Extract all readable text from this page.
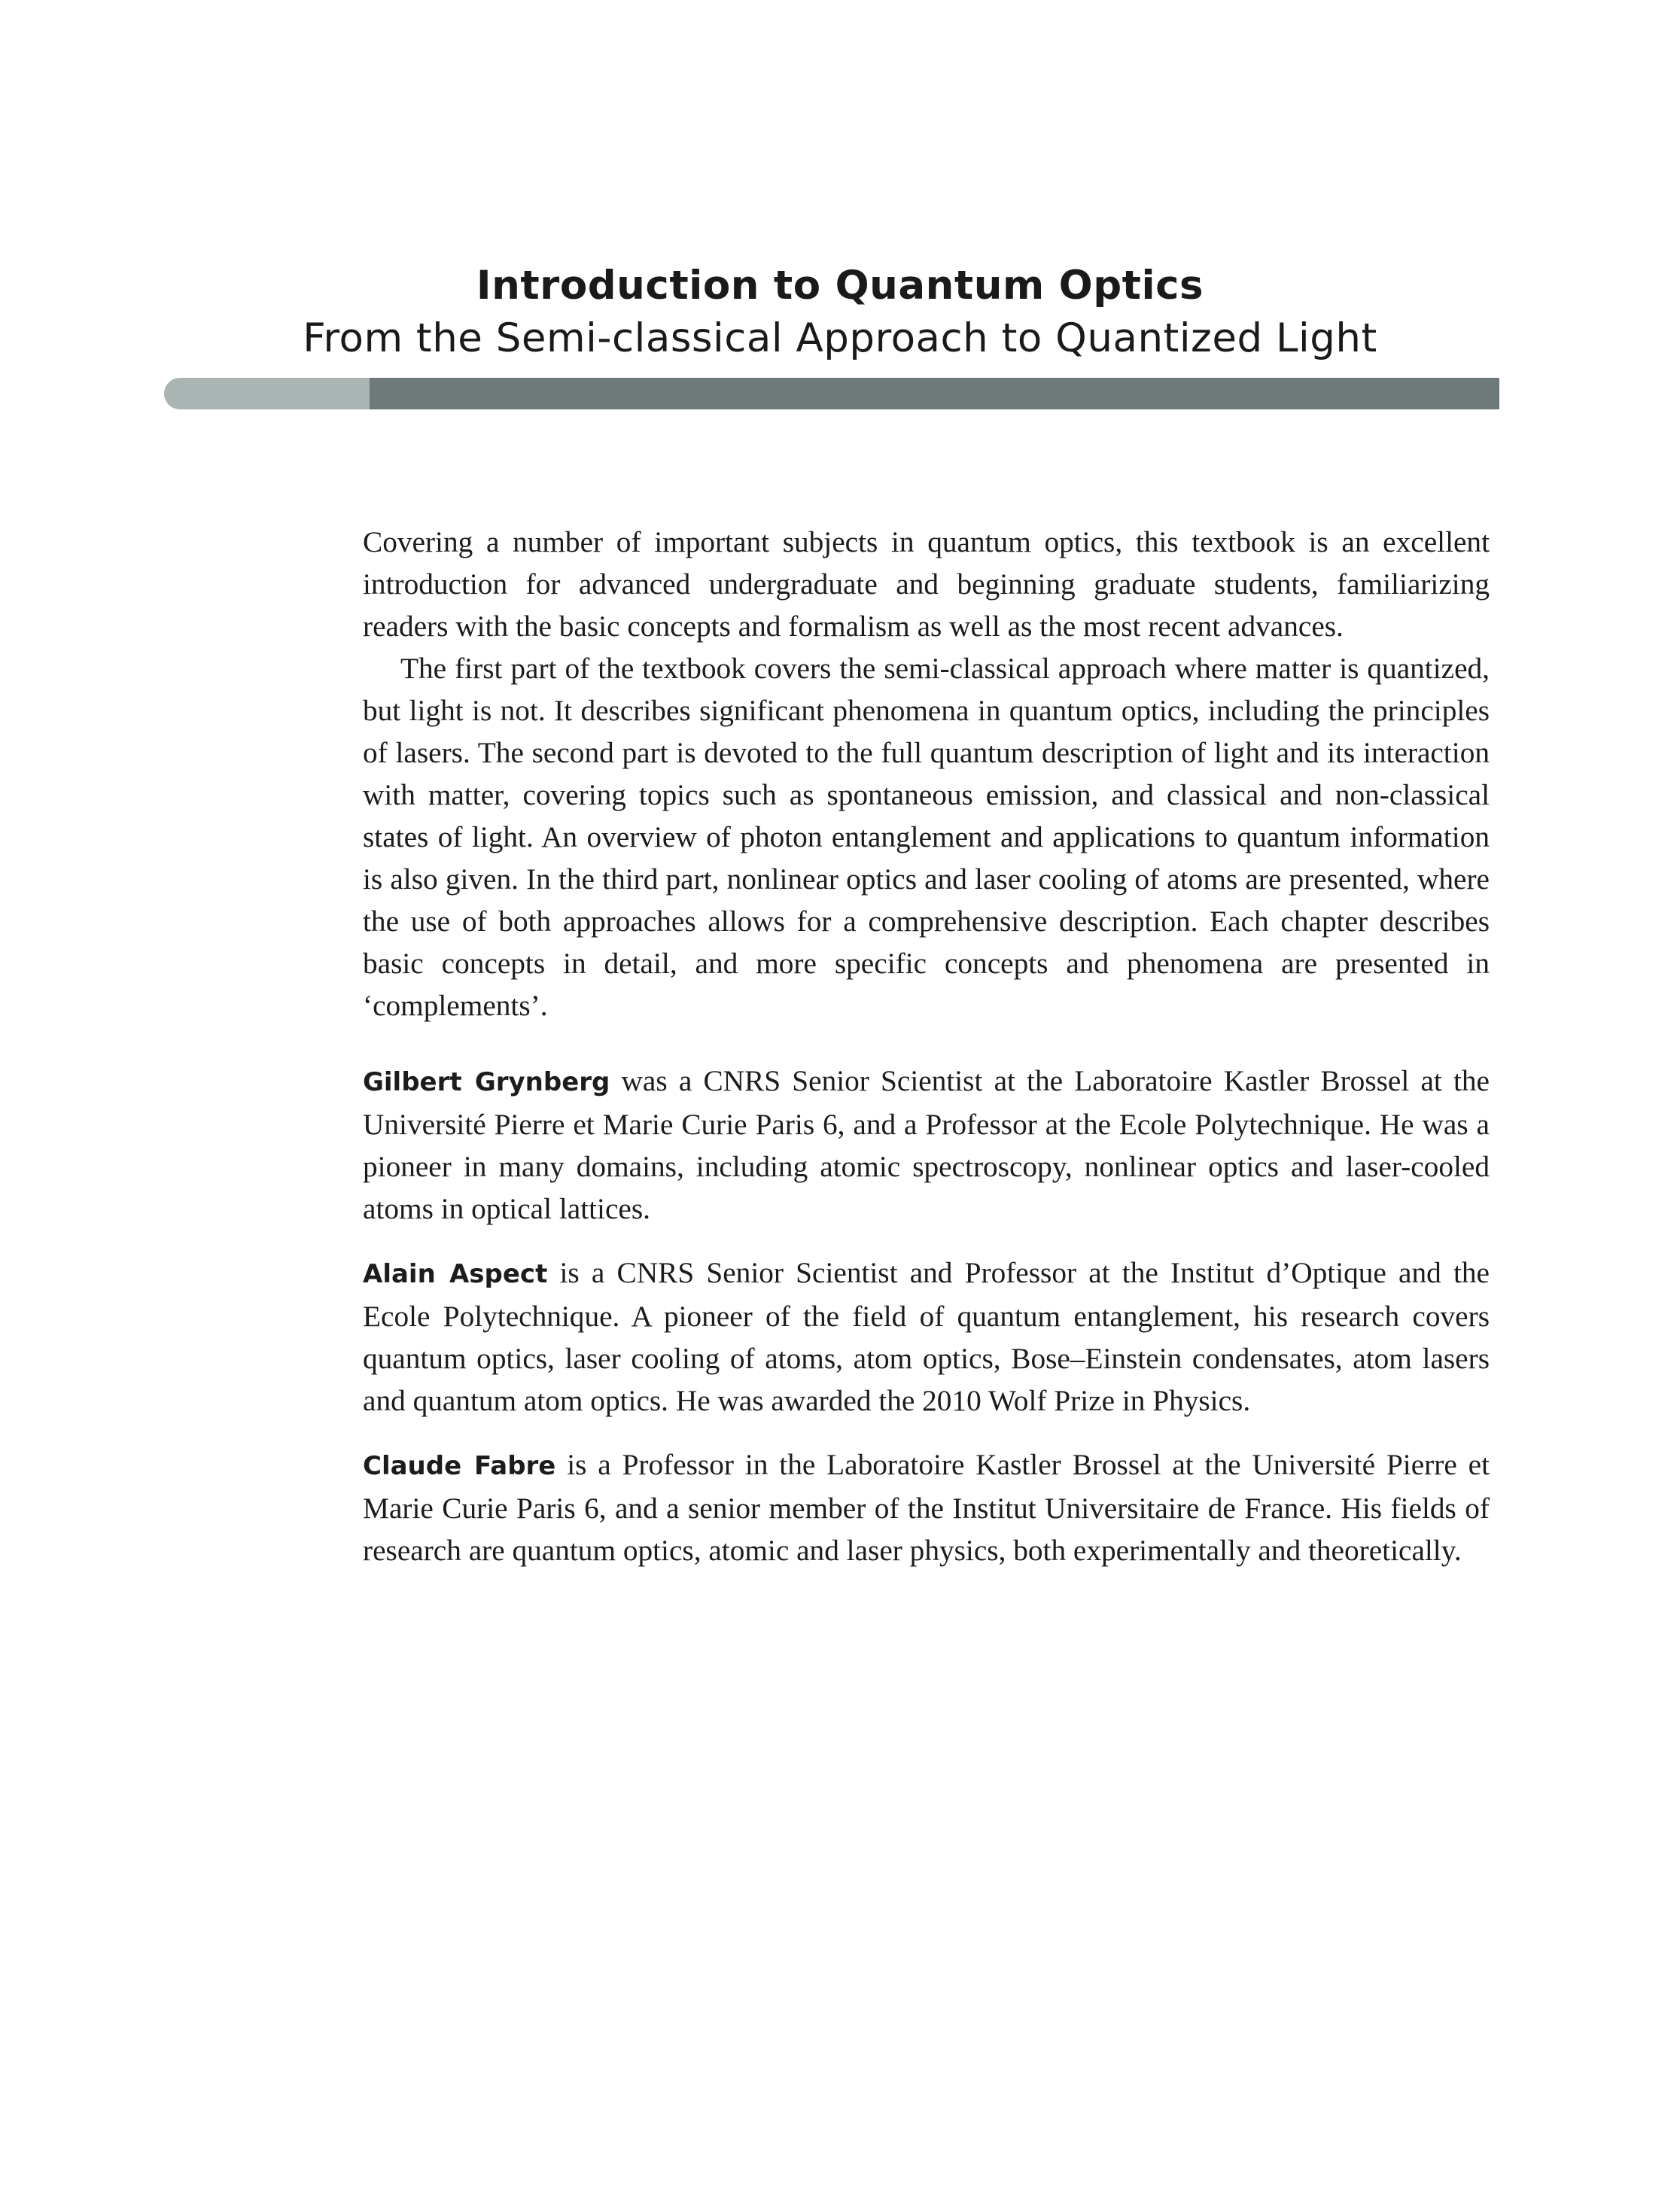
Introduction to Quantum Optics
From the Semi-classical Approach to Quantized Light

Covering a number of important subjects in quantum optics, this textbook is an excellent introduction for advanced undergraduate and beginning graduate students, familiarizing readers with the basic concepts and formalism as well as the most recent advances.

The first part of the textbook covers the semi-classical approach where matter is quantized, but light is not. It describes significant phenomena in quantum optics, including the principles of lasers. The second part is devoted to the full quantum description of light and its interaction with matter, covering topics such as spontaneous emission, and classical and non-classical states of light. An overview of photon entanglement and applications to quantum information is also given. In the third part, nonlinear optics and laser cooling of atoms are presented, where the use of both approaches allows for a comprehensive description. Each chapter describes basic concepts in detail, and more specific concepts and phenomena are presented in ‘complements’.

Gilbert Grynberg was a CNRS Senior Scientist at the Laboratoire Kastler Brossel at the Université Pierre et Marie Curie Paris 6, and a Professor at the Ecole Polytechnique. He was a pioneer in many domains, including atomic spectroscopy, nonlinear optics and laser-cooled atoms in optical lattices.

Alain Aspect is a CNRS Senior Scientist and Professor at the Institut d’Optique and the Ecole Polytechnique. A pioneer of the field of quantum entanglement, his research covers quantum optics, laser cooling of atoms, atom optics, Bose–Einstein condensates, atom lasers and quantum atom optics. He was awarded the 2010 Wolf Prize in Physics.

Claude Fabre is a Professor in the Laboratoire Kastler Brossel at the Université Pierre et Marie Curie Paris 6, and a senior member of the Institut Universitaire de France. His fields of research are quantum optics, atomic and laser physics, both experimentally and theoretically.
